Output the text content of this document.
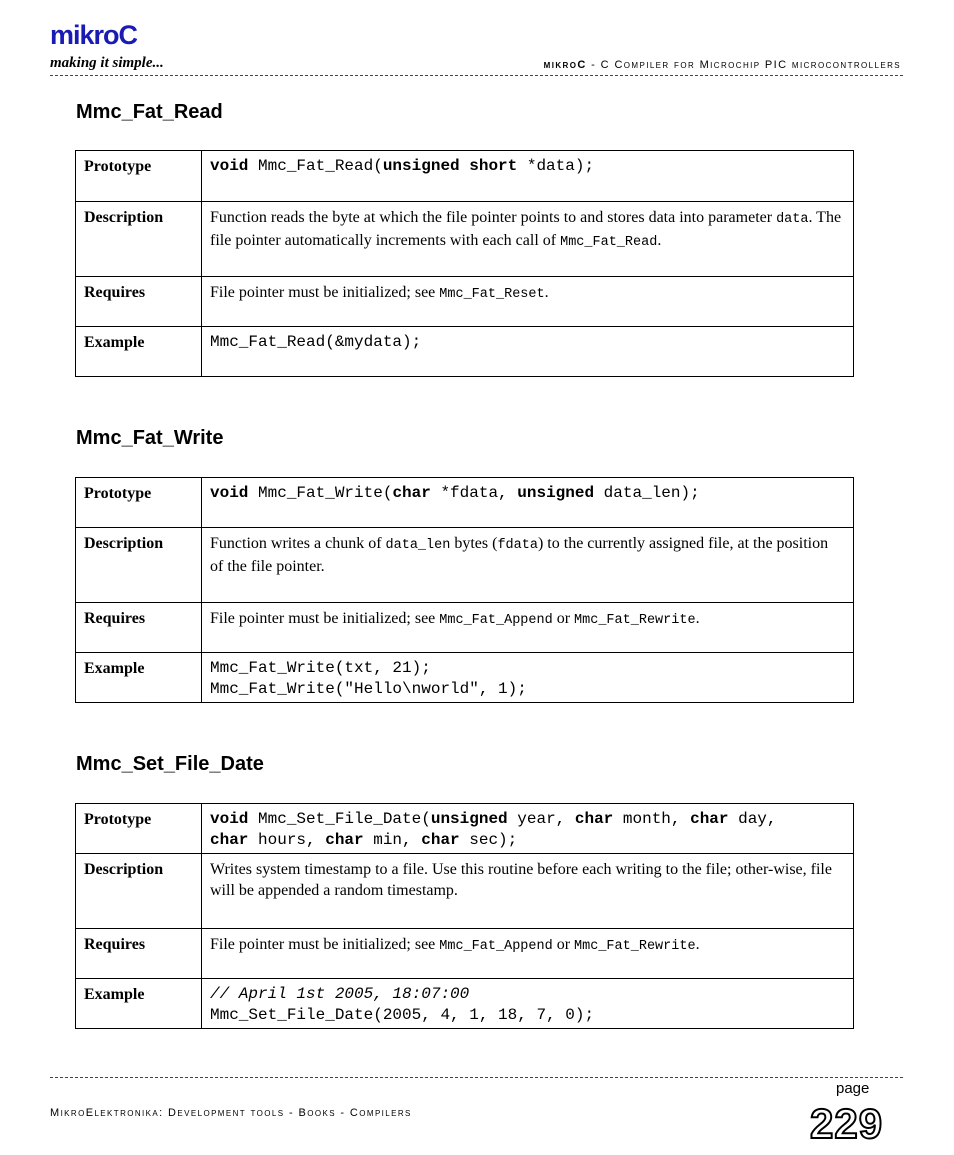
mikroC
making it simple...	mikroC - C Compiler for Microchip PIC microcontrollers
Mmc_Fat_Read
Prototype	void Mmc_Fat_Read(unsigned short *data);
Description	Function reads the byte at which the file pointer points to and stores data into parameter data. The file pointer automatically increments with each call of Mmc_Fat_Read.
Requires	File pointer must be initialized; see Mmc_Fat_Reset.
Example	Mmc_Fat_Read(&mydata);
Mmc_Fat_Write
Prototype	void Mmc_Fat_Write(char *fdata, unsigned data_len);
Description	Function writes a chunk of data_len bytes (fdata) to the currently assigned file, at the position of the file pointer.
Requires	File pointer must be initialized; see Mmc_Fat_Append or Mmc_Fat_Rewrite.
Example	Mmc_Fat_Write(txt, 21);
Mmc_Fat_Write("Hello\nworld", 1);
Mmc_Set_File_Date
Prototype	void Mmc_Set_File_Date(unsigned year, char month, char day,
char hours, char min, char sec);

Description	Writes system timestamp to a file. Use this routine before each writing to the file; other-wise, file will be appended a random timestamp.
Requires	File pointer must be initialized; see Mmc_Fat_Append or Mmc_Fat_Rewrite.
Example	// April 1st 2005, 18:07:00
Mmc_Set_File_Date(2005, 4, 1, 18, 7, 0);
page
MikroElektronika: Development tools - Books - Compilers	229
